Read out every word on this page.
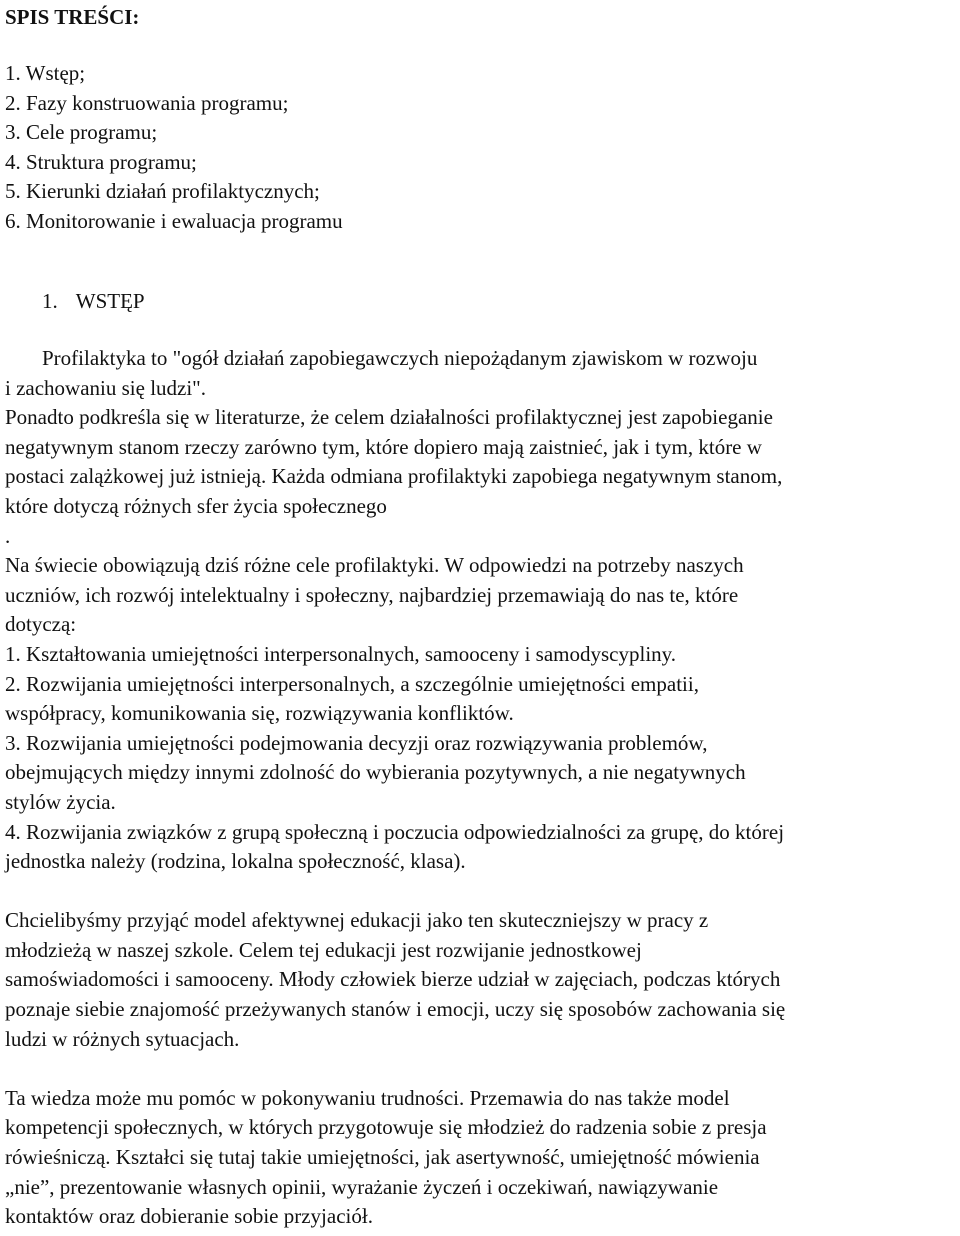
SPIS TREŚCI:
1. Wstęp;
2. Fazy konstruowania programu;
3. Cele programu;
4. Struktura programu;
5. Kierunki działań profilaktycznych;
6. Monitorowanie i ewaluacja programu
1. WSTĘP

Profilaktyka to "ogół działań zapobiegawczych niepożądanym zjawiskom w rozwoju
i zachowaniu się ludzi".
Ponadto podkreśla się w literaturze, że celem działalności profilaktycznej jest zapobieganie
negatywnym stanom rzeczy zarówno tym, które dopiero mają zaistnieć, jak i tym, które w
postaci zalążkowej już istnieją. Każda odmiana profilaktyki zapobiega negatywnym stanom,
które dotyczą różnych sfer życia społecznego
.
Na świecie obowiązują dziś różne cele profilaktyki. W odpowiedzi na potrzeby naszych
uczniów, ich rozwój intelektualny i społeczny, najbardziej przemawiają do nas te, które
dotyczą:
1. Kształtowania umiejętności interpersonalnych, samooceny i samodyscypliny.
2. Rozwijania umiejętności interpersonalnych, a szczególnie umiejętności empatii,
współpracy, komunikowania się, rozwiązywania konfliktów.
3. Rozwijania umiejętności podejmowania decyzji oraz rozwiązywania problemów,
obejmujących między innymi zdolność do wybierania pozytywnych, a nie negatywnych
stylów życia.
4. Rozwijania związków z grupą społeczną i poczucia odpowiedzialności za grupę, do której
jednostka należy (rodzina, lokalna społeczność, klasa).

Chcielibyśmy przyjąć model afektywnej edukacji jako ten skuteczniejszy w pracy z
młodzieżą w naszej szkole. Celem tej edukacji jest rozwijanie jednostkowej
samoświadomości i samooceny. Młody człowiek bierze udział w zajęciach, podczas których
poznaje siebie znajomość przeżywanych stanów i emocji, uczy się sposobów zachowania się
ludzi w różnych sytuacjach.

Ta wiedza może mu pomóc w pokonywaniu trudności. Przemawia do nas także model
kompetencji społecznych, w których przygotowuje się młodzież do radzenia sobie z presja
rówieśniczą. Kształci się tutaj takie umiejętności, jak asertywność, umiejętność mówienia
„nie”, prezentowanie własnych opinii, wyrażanie życzeń i oczekiwań, nawiązywanie
kontaktów oraz dobieranie sobie przyjaciół.
